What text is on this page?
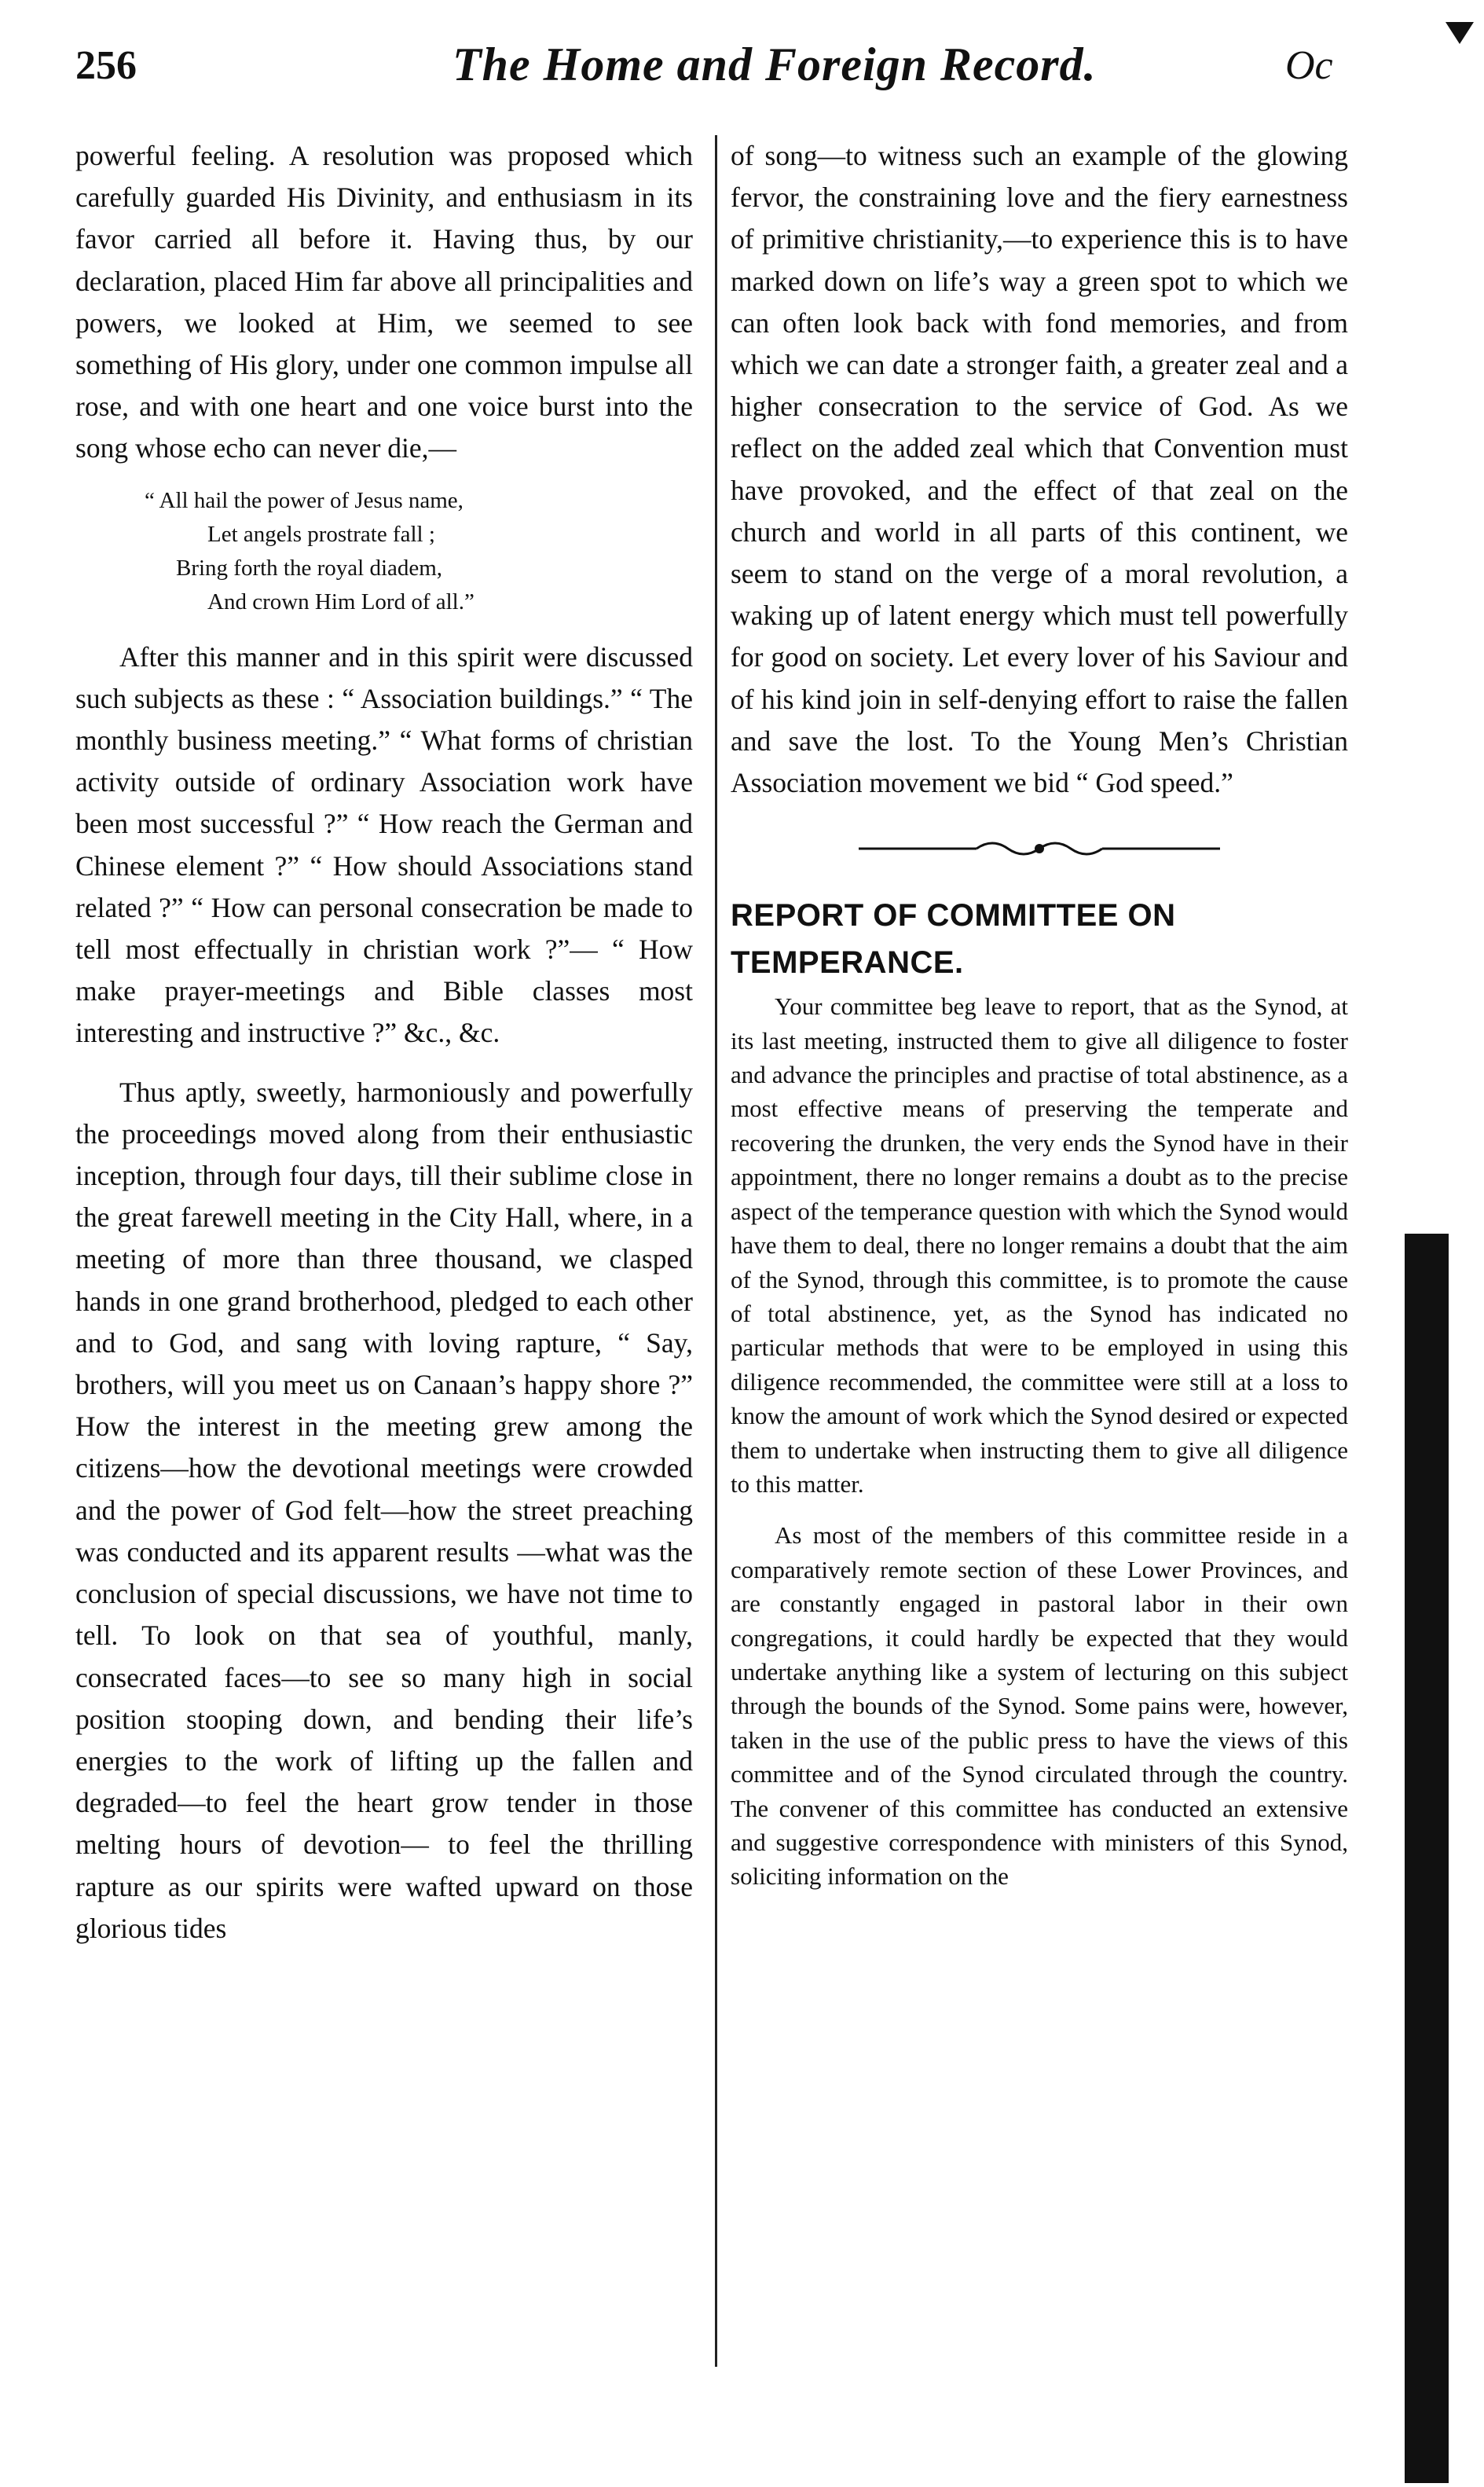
256	The Home and Foreign Record.	Oc

powerful feeling. A resolution was proposed which carefully guarded His Divinity, and enthusiasm in its favor carried all before it. Having thus, by our declaration, placed Him far above all principalities and powers, we looked at Him, we seemed to see something of His glory, under one common impulse all rose, and with one heart and one voice burst into the song whose echo can never die,—

“ All hail the power of Jesus name,
Let angels prostrate fall ;
Bring forth the royal diadem,
And crown Him Lord of all.”

After this manner and in this spirit were discussed such subjects as these : “ Association buildings.” “ The monthly business meeting.” “ What forms of christian activity outside of ordinary Association work have been most successful ?” “ How reach the German and Chinese element ?” “ How should Associations stand related ?” “ How can personal consecration be made to tell most effectually in christian work ?”— “ How make prayer-meetings and Bible classes most interesting and instructive ?” &c., &c.

Thus aptly, sweetly, harmoniously and powerfully the proceedings moved along from their enthusiastic inception, through four days, till their sublime close in the great farewell meeting in the City Hall, where, in a meeting of more than three thousand, we clasped hands in one grand brotherhood, pledged to each other and to God, and sang with loving rapture, “ Say, brothers, will you meet us on Canaan’s happy shore ?” How the interest in the meeting grew among the citizens—how the devotional meetings were crowded and the power of God felt—how the street preaching was conducted and its apparent results —what was the conclusion of special discussions, we have not time to tell. To look on that sea of youthful, manly, consecrated faces—to see so many high in social position stooping down, and bending their life’s energies to the work of lifting up the fallen and degraded—to feel the heart grow tender in those melting hours of devotion— to feel the thrilling rapture as our spirits were wafted upward on those glorious tides

of song—to witness such an example of the glowing fervor, the constraining love and the fiery earnestness of primitive christianity,—to experience this is to have marked down on life’s way a green spot to which we can often look back with fond memories, and from which we can date a stronger faith, a greater zeal and a higher consecration to the service of God. As we reflect on the added zeal which that Convention must have provoked, and the effect of that zeal on the church and world in all parts of this continent, we seem to stand on the verge of a moral revolution, a waking up of latent energy which must tell powerfully for good on society. Let every lover of his Saviour and of his kind join in self-denying effort to raise the fallen and save the lost. To the Young Men’s Christian Association movement we bid “ God speed.”

REPORT OF COMMITTEE ON TEMPERANCE.

Your committee beg leave to report, that as the Synod, at its last meeting, instructed them to give all diligence to foster and advance the principles and practise of total abstinence, as a most effective means of preserving the temperate and recovering the drunken, the very ends the Synod have in their appointment, there no longer remains a doubt as to the precise aspect of the temperance question with which the Synod would have them to deal, there no longer remains a doubt that the aim of the Synod, through this committee, is to promote the cause of total abstinence, yet, as the Synod has indicated no particular methods that were to be employed in using this diligence recommended, the committee were still at a loss to know the amount of work which the Synod desired or expected them to undertake when instructing them to give all diligence to this matter.

As most of the members of this committee reside in a comparatively remote section of these Lower Provinces, and are constantly engaged in pastoral labor in their own congregations, it could hardly be expected that they would undertake anything like a system of lecturing on this subject through the bounds of the Synod. Some pains were, however, taken in the use of the public press to have the views of this committee and of the Synod circulated through the country. The convener of this committee has conducted an extensive and suggestive correspondence with ministers of this Synod, soliciting information on the
